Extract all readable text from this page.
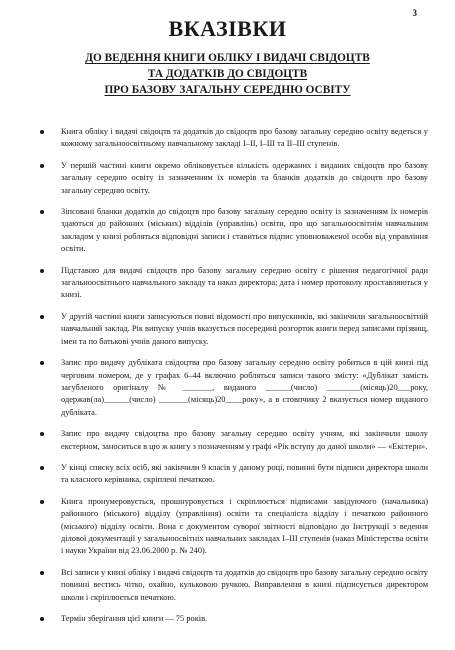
3
ВКАЗІВКИ
ДО ВЕДЕННЯ КНИГИ ОБЛІКУ І ВИДАЧІ СВІДОЦТВ
ТА ДОДАТКІВ ДО СВІДОЦТВ
ПРО БАЗОВУ ЗАГАЛЬНУ СЕРЕДНЮ ОСВІТУ
Книга обліку і видачі свідоцтв та додатків до свідоцтв про базову загальну середню освіту ведеться у кожному загальноосвітньому навчальному закладі I–II, I–III та II–III ступенів.
У першій частині книги окремо обліковується кількість одержаних і виданих свідоцтв про базову загальну середню освіту із зазначенням їх номерів та бланків додатків до свідоцтв про базову загальну середню освіту.
Зіпсовані бланки додатків до свідоцтв про базову загальну середню освіту із зазначенням їх номерів здаються до районних (міських) відділів (управлінь) освіти, про що загальноосвітнім навчальним закладом у книзі робляться відповідні записи і ставиться підпис уповноваженої особи від управління освіти.
Підставою для видачі свідоцтв про базову загальну середню освіту є рішення педагогічної ради загальноосвітнього навчального закладу та наказ директора; дата і номер протоколу проставляються у книзі.
У другій частині книги записуються повні відомості про випускників, які закінчили загальноосвітній навчальний заклад. Рік випуску учнів вказується посередині розгорток книги перед записами прізвищ, імен та по батькові учнів даного випуску.
Запис про видачу дубліката свідоцтва про базову загальну середню освіту робиться в цій книзі під черговим номером, де у графах 6–44 включно робляться записи такого змісту: «Дублікат замість загубленого оригіналу № _______, виданого ______(число) ________(місяць)20___року, одержав(ла)______(число) _______(місяць)20____року», а в стовпчику 2 вказується номер виданого дубліката.
Запис про видачу свідоцтва про базову загальну середню освіту учням, які закінчили школу екстерном, заноситься в цю ж книгу з позначенням у графі «Рік вступу до даної школи» — «Екстерн».
У кінці списку всіх осіб, які закінчили 9 класів у даному році, повинні бути підписи директора школи та класного керівника, скріплені печаткою.
Книга пронумерoвується, прошнуровується і скріплюється підписами завідуючого (начальника) районного (міського) відділу (управління) освіти та спеціаліста відділу і печаткою районного (міського) відділу освіти. Вона є документом суворої звітності відповідно до Інструкції з ведення ділової документації у загальноосвітніх навчальних закладах I–III ступенів (наказ Міністерства освіти і науки України від 23.06.2000 р. № 240).
Всі записи у книзі обліку і видачі свідоцтв та додатків до свідоцтв про базову загальну середню освіту повинні вестись чітко, охайно, кульковою ручкою. Виправлення в книзі підписується директором школи і скріплюється печаткою.
Термін зберігання цієї книги — 75 років.
